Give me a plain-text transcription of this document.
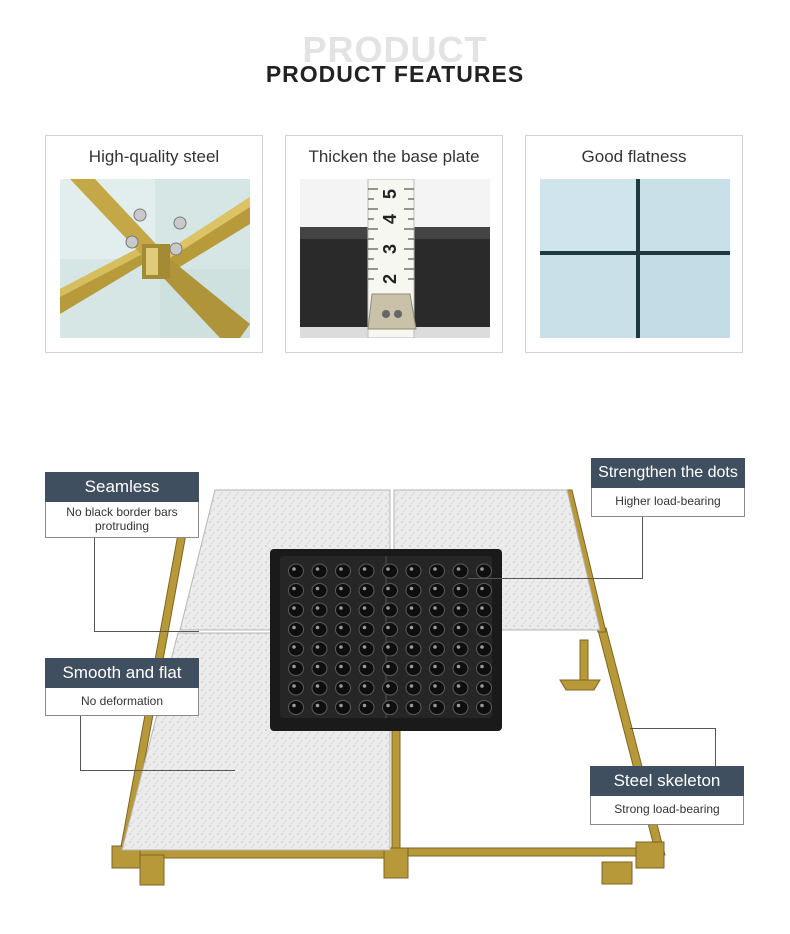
PRODUCT
PRODUCT FEATURES
High-quality steel	Thicken the base plate
5
4
3
2
Good flatness
Seamless
No black border bars protruding
Smooth and flat
No deformation
Strengthen the dots
Higher load-bearing
Steel skeleton
Strong load-bearing
